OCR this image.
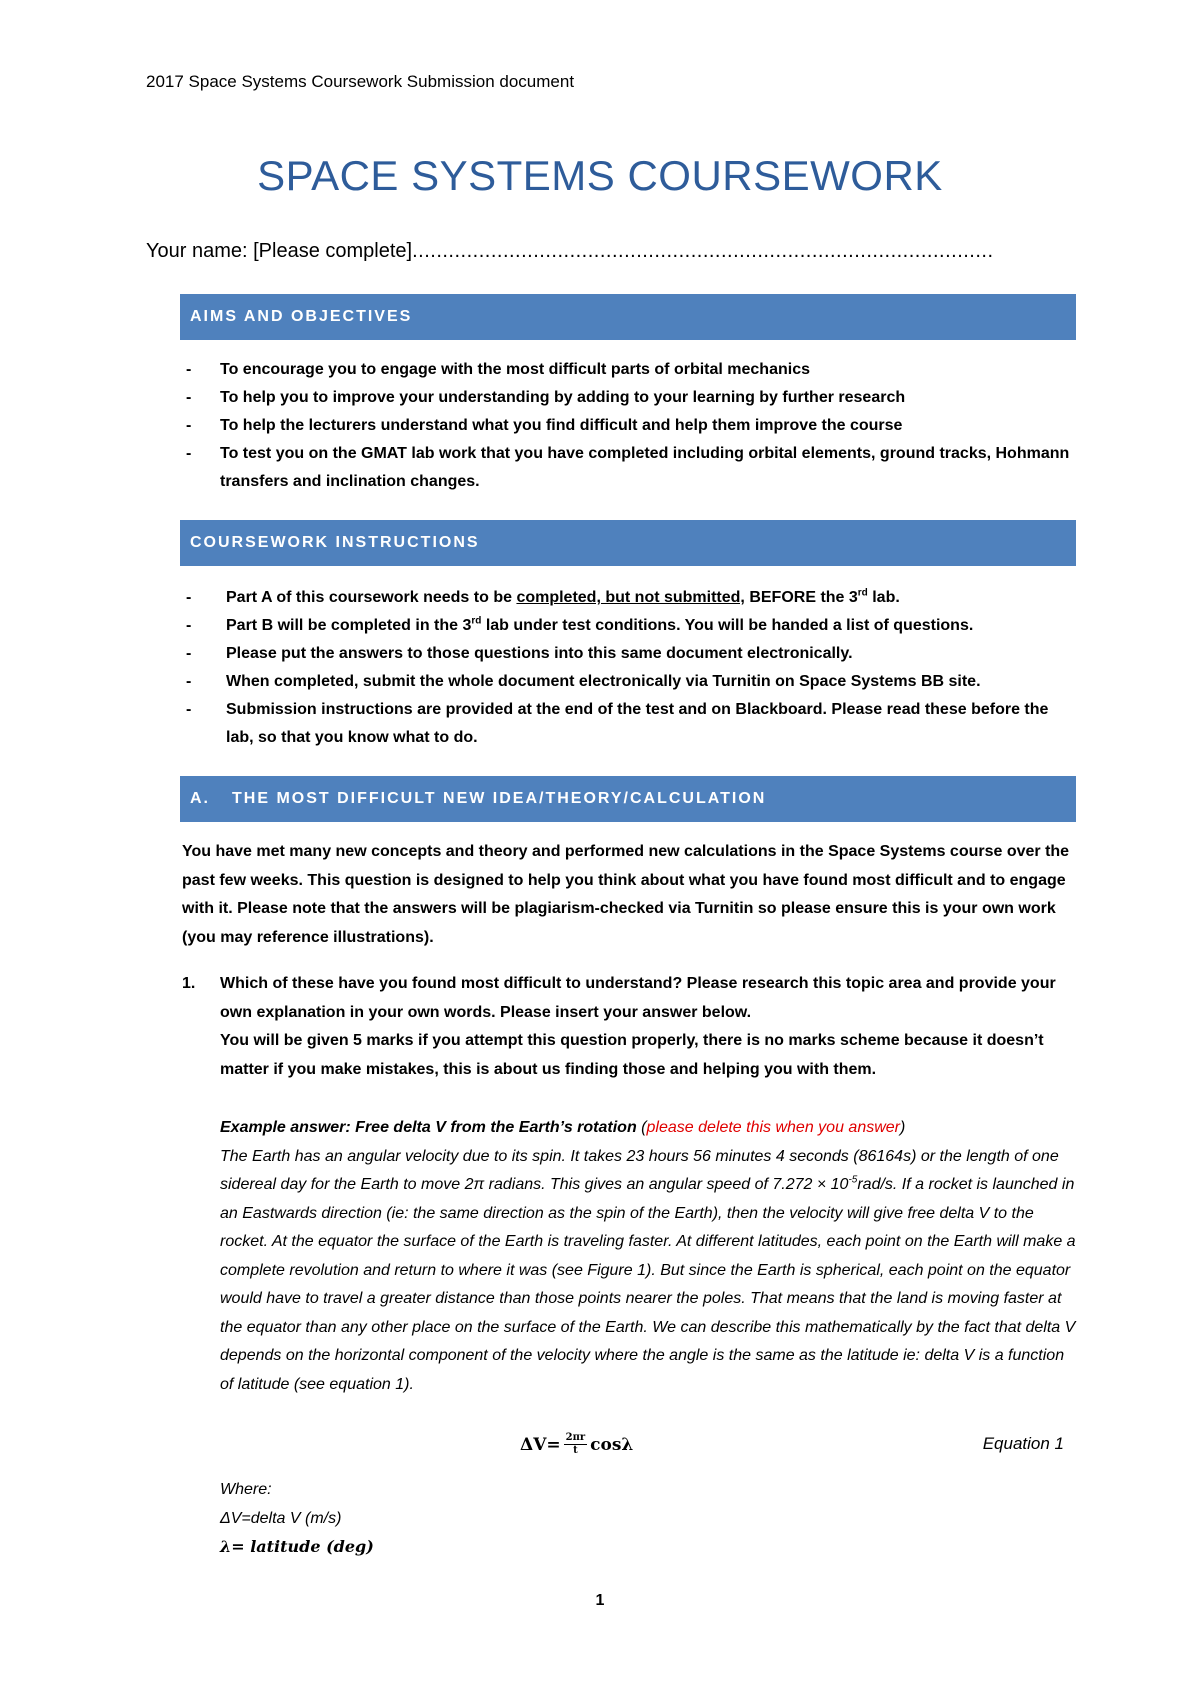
2017 Space Systems Coursework Submission document
SPACE SYSTEMS COURSEWORK
Your name: [Please complete]................................................................................................
AIMS AND OBJECTIVES
- To encourage you to engage with the most difficult parts of orbital mechanics
- To help you to improve your understanding by adding to your learning by further research
- To help the lecturers understand what you find difficult and help them improve the course
- To test you on the GMAT lab work that you have completed including orbital elements, ground tracks, Hohmann transfers and inclination changes.
COURSEWORK INSTRUCTIONS
- Part A of this coursework needs to be completed, but not submitted, BEFORE the 3rd lab.
- Part B will be completed in the 3rd lab under test conditions. You will be handed a list of questions.
- Please put the answers to those questions into this same document electronically.
- When completed, submit the whole document electronically via Turnitin on Space Systems BB site.
- Submission instructions are provided at the end of the test and on Blackboard. Please read these before the lab, so that you know what to do.
A. THE MOST DIFFICULT NEW IDEA/THEORY/CALCULATION
You have met many new concepts and theory and performed new calculations in the Space Systems course over the past few weeks. This question is designed to help you think about what you have found most difficult and to engage with it. Please note that the answers will be plagiarism-checked via Turnitin so please ensure this is your own work (you may reference illustrations).
1. Which of these have you found most difficult to understand? Please research this topic area and provide your own explanation in your own words. Please insert your answer below.
You will be given 5 marks if you attempt this question properly, there is no marks scheme because it doesn’t matter if you make mistakes, this is about us finding those and helping you with them.
Example answer: Free delta V from the Earth’s rotation (please delete this when you answer)
The Earth has an angular velocity due to its spin. It takes 23 hours 56 minutes 4 seconds (86164s) or the length of one sidereal day for the Earth to move 2π radians. This gives an angular speed of $7.272 \times 10^{-5}rad/s$. If a rocket is launched in an Eastwards direction (ie: the same direction as the spin of the Earth), then the velocity will give free delta V to the rocket. At the equator the surface of the Earth is traveling faster. At different latitudes, each point on the Earth will make a complete revolution and return to where it was (see Figure 1). But since the Earth is spherical, each point on the equator would have to travel a greater distance than those points nearer the poles. That means that the land is moving faster at the equator than any other place on the surface of the Earth. We can describe this mathematically by the fact that delta V depends on the horizontal component of the velocity where the angle is the same as the latitude ie: delta V is a function of latitude (see equation 1).
$\Delta V= \frac{2\pi r}{t}$ cosλ	Equation 1
Where:
ΔV=delta V (m/s)
λ= latitude (deg)
1
